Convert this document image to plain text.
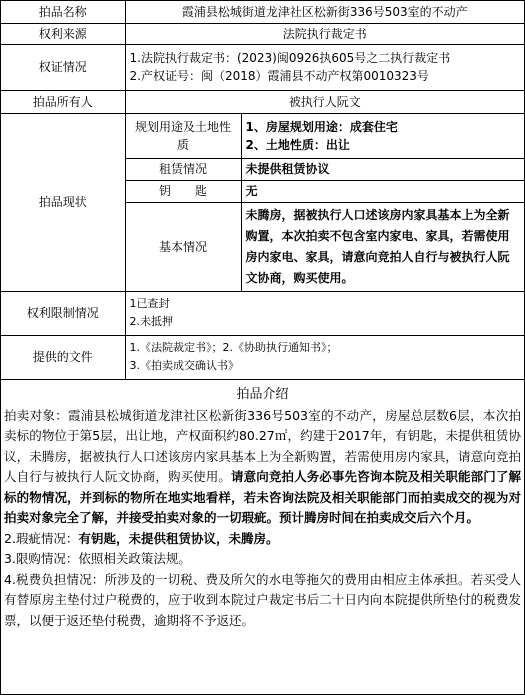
拍品名称	霞浦县松城街道龙津社区松新街336号503室的不动产	
权利来源	法院执行裁定书	
权证情况	1.法院执行裁定书：(2023)闽0926执605号之二执行裁定书
2.产权证号：闽（2018）霞浦县不动产权第0010323号	

拍品所有人	被执行人阮文	
拍品现状	规划用途及土地性质	1、房屋规划用途：成套住宅
2、土地性质：出让

	租赁情况	未提供租赁协议
	钥　　匙	无
	基本情况	未腾房，据被执行人口述该房内家具基本上为全新购置，本次拍卖不包含室内家电、家具，若需使用房内家电、家具，请意向竞拍人自行与被执行人阮文协商，购买使用。
权利限制情况	1已查封
2.未抵押	

提供的文件	1.《法院裁定书》；2.《协助执行通知书》；
3.《拍卖成交确认书》	
拍品介绍

拍卖对象：霞浦县松城街道龙津社区松新街336号503室的不动产，房屋总层数6层，本次拍卖标的物位于第5层，出让地，产权面积约80.27㎡，约建于2017年，有钥匙，未提供租赁协议，未腾房，据被执行人口述该房内家具基本上为全新购置，若需使用房内家具，请意向竞拍人自行与被执行人阮文协商，购买使用。请意向竞拍人务必事先咨询本院及相关职能部门了解标的物情况，并到标的物所在地实地看样，若未咨询法院及相关职能部门而拍卖成交的视为对拍卖对象完全了解，并接受拍卖对象的一切瑕疵。预计腾房时间在拍卖成交后六个月。

2.瑕疵情况：有钥匙，未提供租赁协议，未腾房。

3.限购情况：依照相关政策法规。

4.税费负担情况：所涉及的一切税、费及所欠的水电等拖欠的费用由相应主体承担。若买受人有替原房主垫付过户税费的，应于收到本院过户裁定书后二十日内向本院提供所垫付的税费发票，以便于返还垫付税费，逾期将不予返还。
